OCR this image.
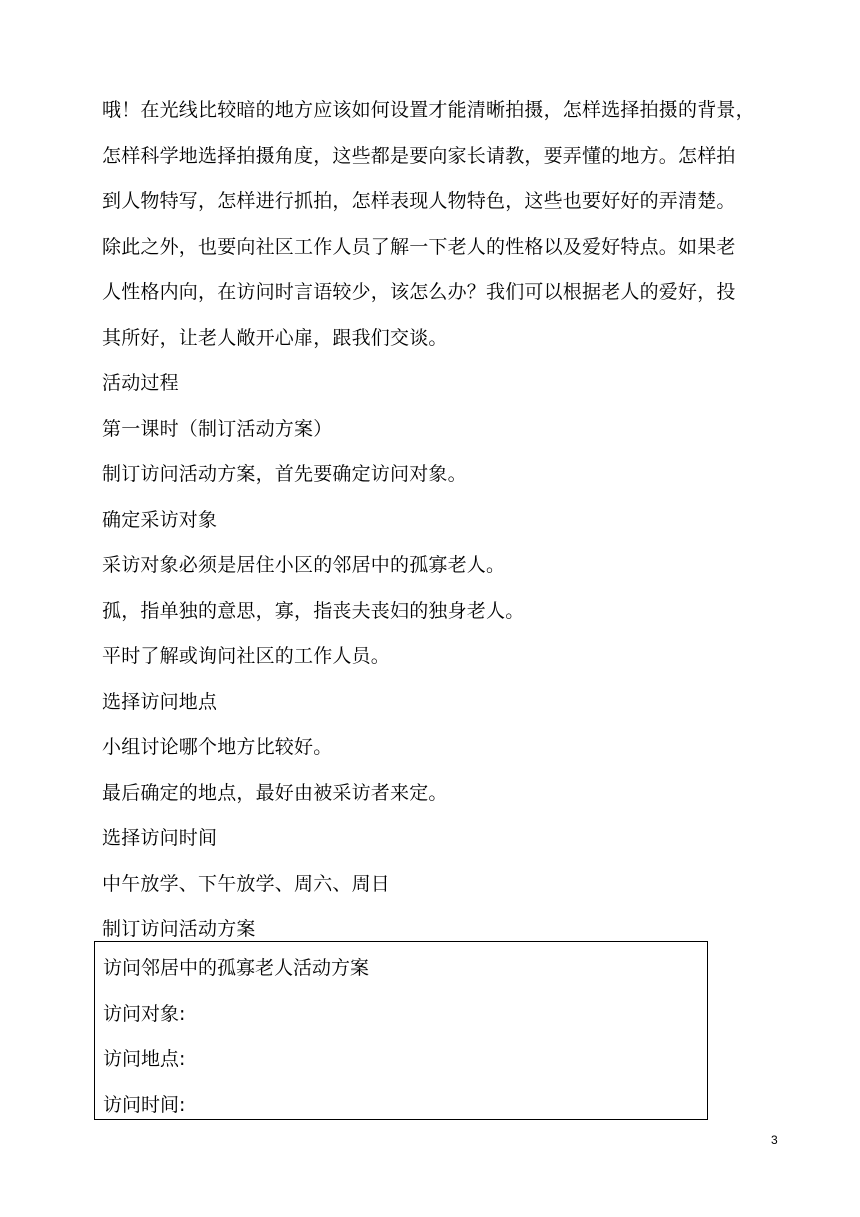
哦！在光线比较暗的地方应该如何设置才能清晰拍摄，怎样选择拍摄的背景，

怎样科学地选择拍摄角度，这些都是要向家长请教，要弄懂的地方。怎样拍

到人物特写，怎样进行抓拍，怎样表现人物特色，这些也要好好的弄清楚。

除此之外，也要向社区工作人员了解一下老人的性格以及爱好特点。如果老

人性格内向，在访问时言语较少，该怎么办？我们可以根据老人的爱好，投

其所好，让老人敞开心扉，跟我们交谈。

活动过程

第一课时（制订活动方案）

制订访问活动方案，首先要确定访问对象。

确定采访对象

采访对象必须是居住小区的邻居中的孤寡老人。

孤，指单独的意思，寡，指丧夫丧妇的独身老人。

平时了解或询问社区的工作人员。

选择访问地点

小组讨论哪个地方比较好。

最后确定的地点，最好由被采访者来定。

选择访问时间

中午放学、下午放学、周六、周日

制订访问活动方案

访问邻居中的孤寡老人活动方案

访问对象:

访问地点:

访问时间:

3
